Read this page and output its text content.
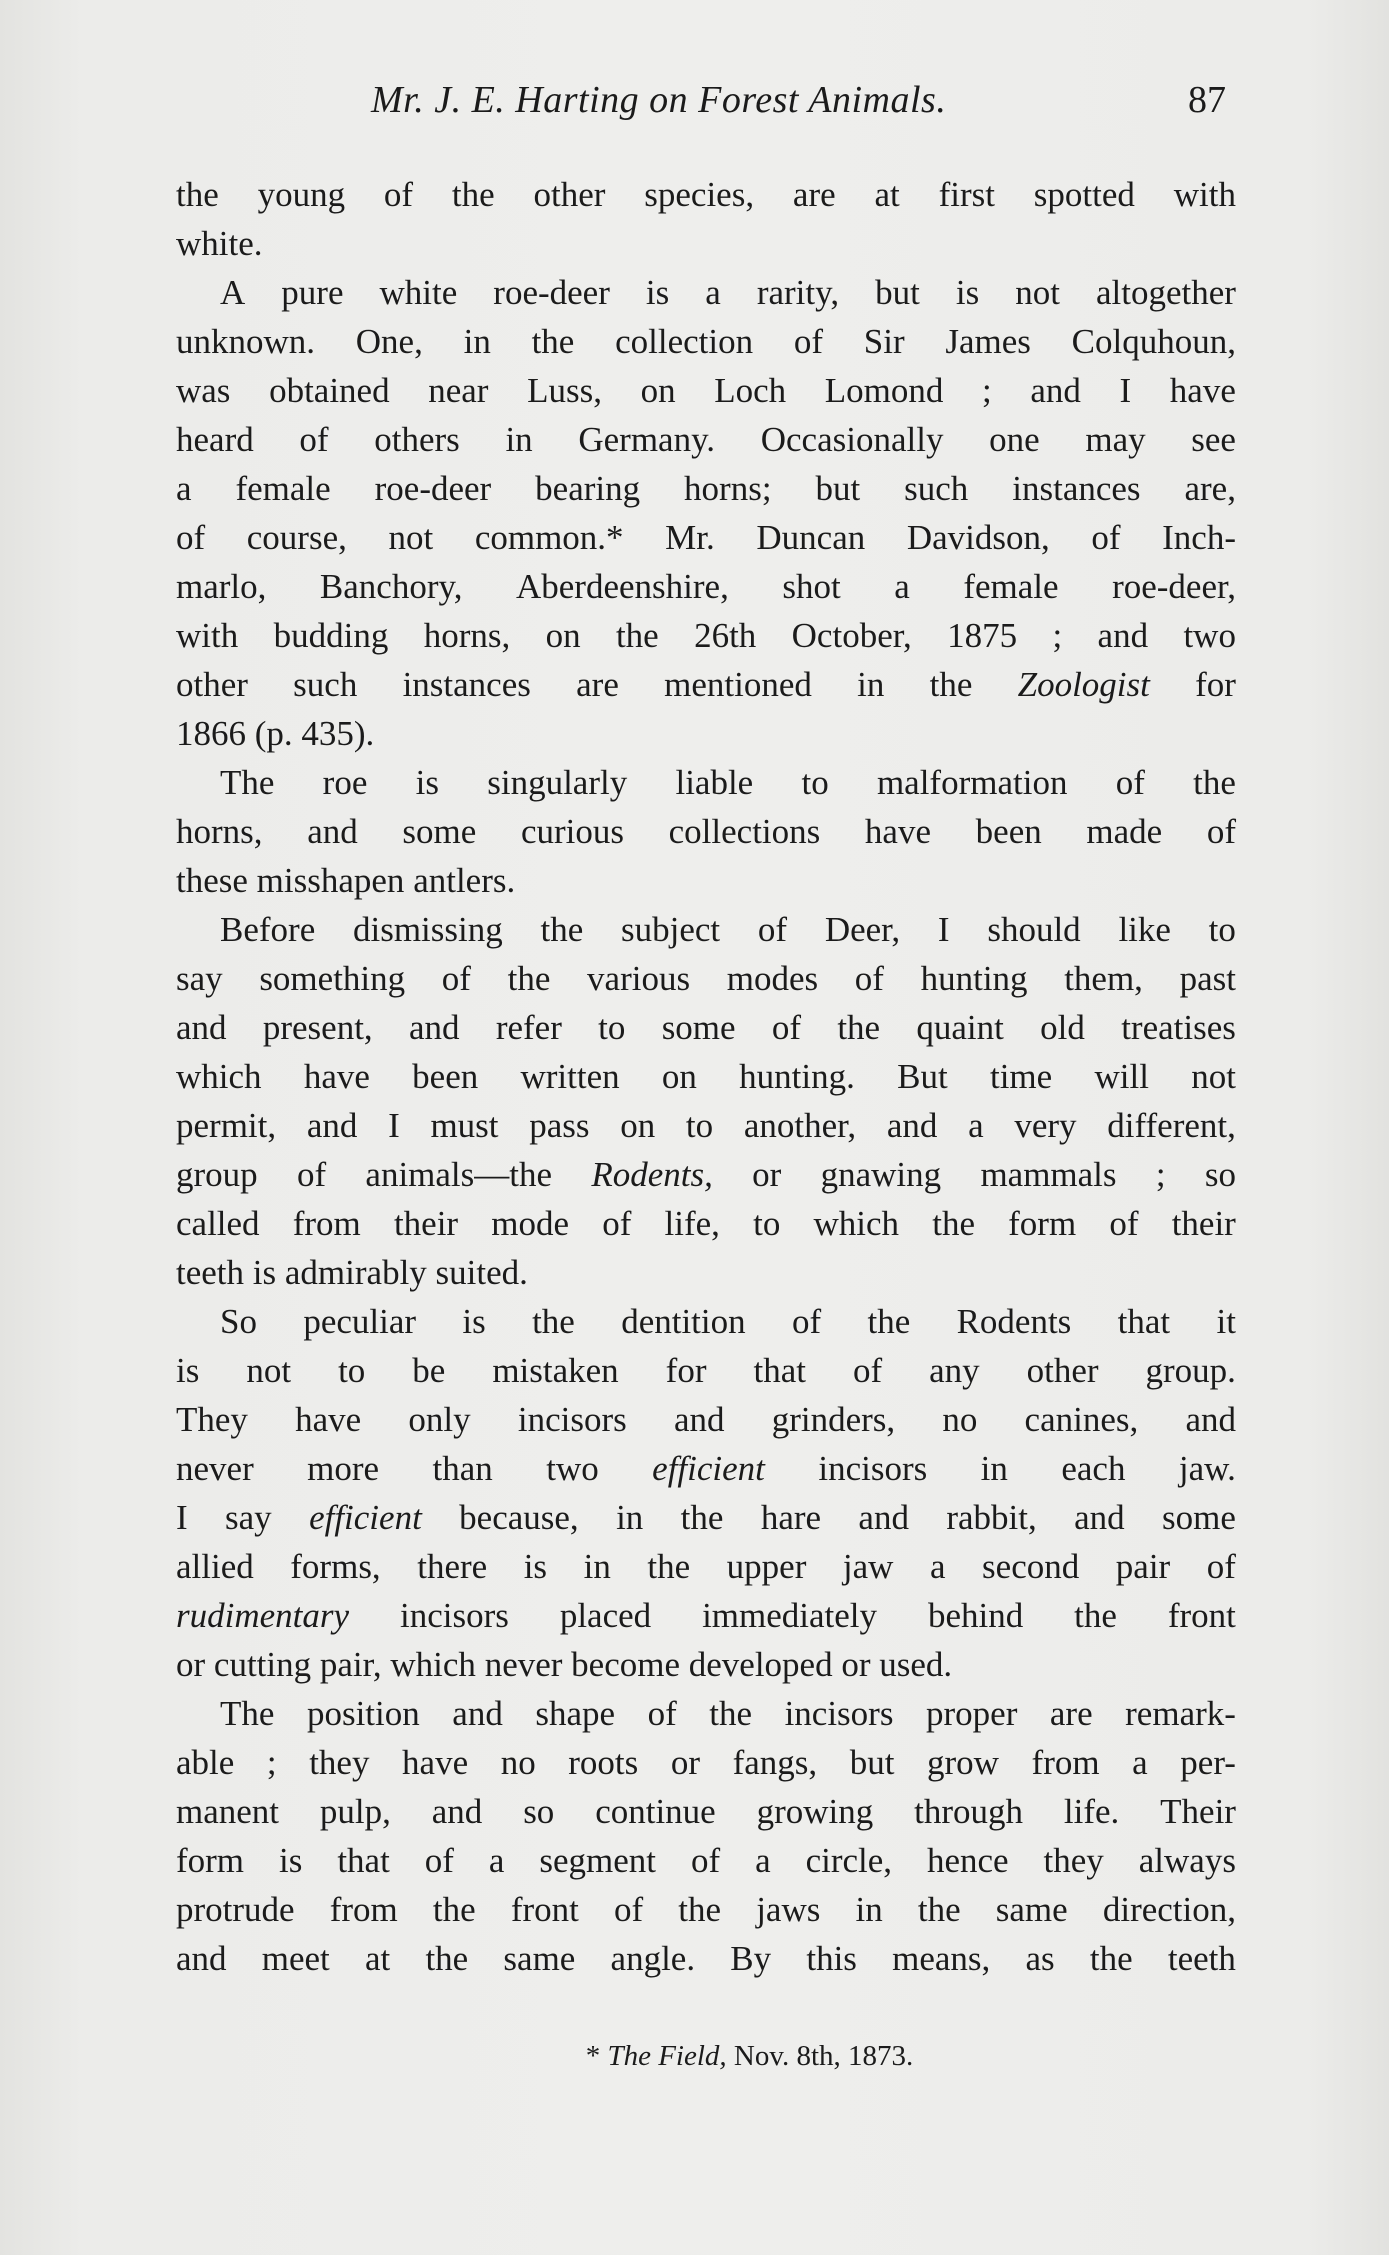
Mr. J. E. Harting on Forest Animals.	87
the young of the other species, are at first spotted with
white.
A pure white roe-deer is a rarity, but is not altogether
unknown. One, in the collection of Sir James Colquhoun,
was obtained near Luss, on Loch Lomond ; and I have
heard of others in Germany. Occasionally one may see
a female roe-deer bearing horns; but such instances are,
of course, not common.* Mr. Duncan Davidson, of Inch-
marlo, Banchory, Aberdeenshire, shot a female roe-deer,
with budding horns, on the 26th October, 1875 ; and two
other such instances are mentioned in the Zoologist for
1866 (p. 435).
The roe is singularly liable to malformation of the
horns, and some curious collections have been made of
these misshapen antlers.
Before dismissing the subject of Deer, I should like to
say something of the various modes of hunting them, past
and present, and refer to some of the quaint old treatises
which have been written on hunting. But time will not
permit, and I must pass on to another, and a very different,
group of animals—the Rodents, or gnawing mammals ; so
called from their mode of life, to which the form of their
teeth is admirably suited.
So peculiar is the dentition of the Rodents that it
is not to be mistaken for that of any other group.
They have only incisors and grinders, no canines, and
never more than two efficient incisors in each jaw.
I say efficient because, in the hare and rabbit, and some
allied forms, there is in the upper jaw a second pair of
rudimentary incisors placed immediately behind the front
or cutting pair, which never become developed or used.
The position and shape of the incisors proper are remark-
able ; they have no roots or fangs, but grow from a per-
manent pulp, and so continue growing through life. Their
form is that of a segment of a circle, hence they always
protrude from the front of the jaws in the same direction,
and meet at the same angle. By this means, as the teeth
* The Field, Nov. 8th, 1873.
